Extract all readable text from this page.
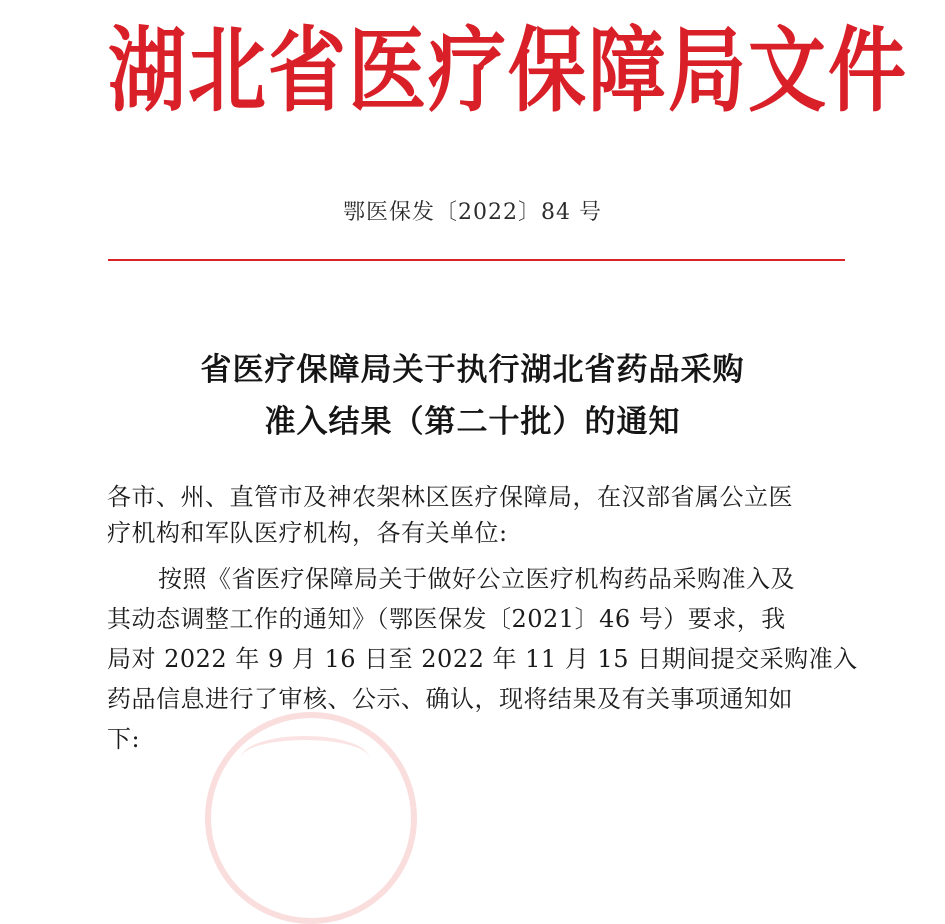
湖北省医疗保障局文件
鄂医保发〔2022〕84 号
省医疗保障局关于执行湖北省药品采购
准入结果（第二十批）的通知
各市、州、直管市及神农架林区医疗保障局，在汉部省属公立医
疗机构和军队医疗机构，各有关单位:
按照《省医疗保障局关于做好公立医疗机构药品采购准入及
其动态调整工作的通知》（鄂医保发〔2021〕46 号）要求，我
局对 2022 年 9 月 16 日至 2022 年 11 月 15 日期间提交采购准入
药品信息进行了审核、公示、确认，现将结果及有关事项通知如
下:
